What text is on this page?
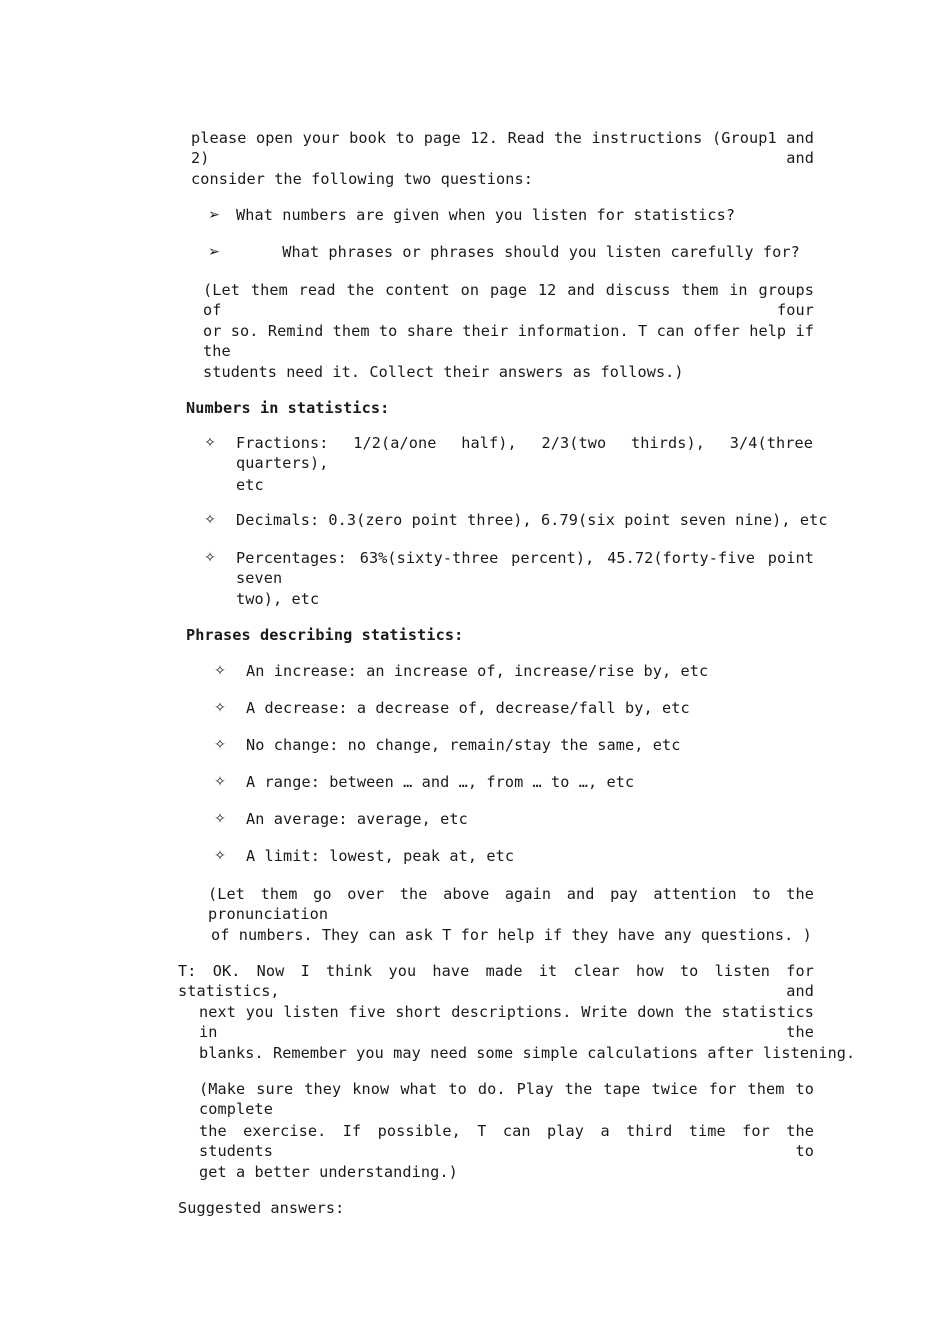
please open your book to page 12. Read the instructions (Group1 and 2) and
consider the following two questions:
➢ What numbers are given when you listen for statistics?
➢ What phrases or phrases should you listen carefully for?
(Let them read the content on page 12 and discuss them in groups of four
or so. Remind them to share their information. T can offer help if the
students need it. Collect their answers as follows.)
Numbers in statistics:
✧ Fractions: 1/2(a/one half), 2/3(two thirds), 3/4(three quarters),
etc
✧ Decimals: 0.3(zero point three), 6.79(six point seven nine), etc
✧ Percentages: 63%(sixty-three percent), 45.72(forty-five point seven
two), etc
Phrases describing statistics:
✧ An increase: an increase of, increase/rise by, etc
✧ A decrease: a decrease of, decrease/fall by, etc
✧ No change: no change, remain/stay the same, etc
✧ A range: between … and …, from … to …, etc
✧ An average: average, etc
✧ A limit: lowest, peak at, etc
(Let them go over the above again and pay attention to the pronunciation
of numbers. They can ask T for help if they have any questions. )
T: OK. Now I think you have made it clear how to listen for statistics, and
next you listen five short descriptions. Write down the statistics in the
blanks. Remember you may need some simple calculations after listening.
(Make sure they know what to do. Play the tape twice for them to complete
the exercise. If possible, T can play a third time for the students to
get a better understanding.)
Suggested answers:
